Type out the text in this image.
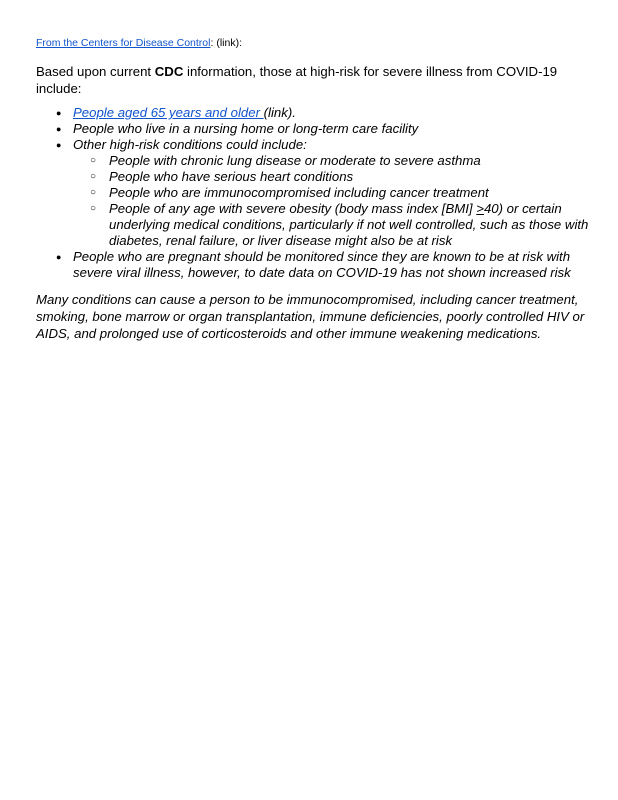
From the Centers for Disease Control: (link):

Based upon current CDC information, those at high-risk for severe illness from COVID-19 include:

● People aged 65 years and older (link).
● People who live in a nursing home or long-term care facility
● Other high-risk conditions could include:
○ People with chronic lung disease or moderate to severe asthma
○ People who have serious heart conditions
○ People who are immunocompromised including cancer treatment
○ People of any age with severe obesity (body mass index [BMI] >40) or certain underlying medical conditions, particularly if not well controlled, such as those with diabetes, renal failure, or liver disease might also be at risk
● People who are pregnant should be monitored since they are known to be at risk with severe viral illness, however, to date data on COVID-19 has not shown increased risk

Many conditions can cause a person to be immunocompromised, including cancer treatment, smoking, bone marrow or organ transplantation, immune deficiencies, poorly controlled HIV or AIDS, and prolonged use of corticosteroids and other immune weakening medications.
